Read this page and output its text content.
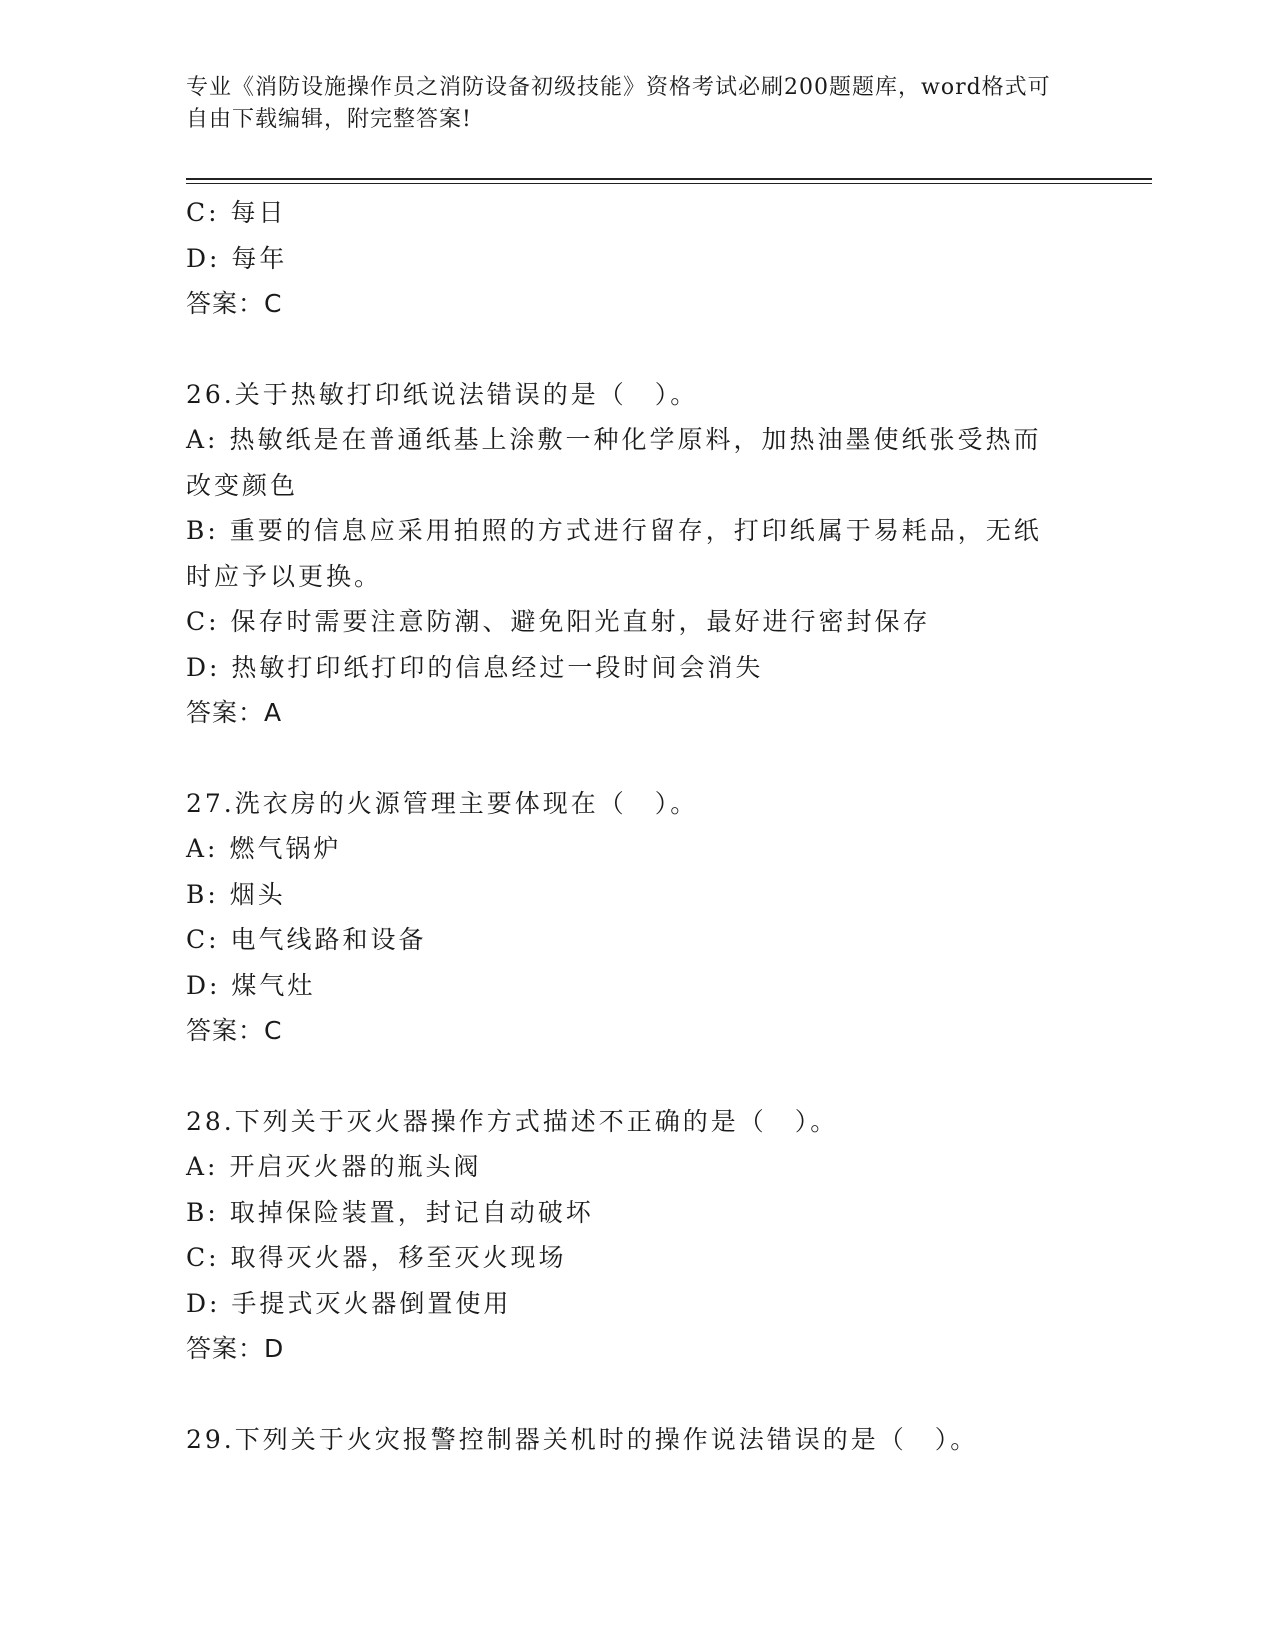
专业《消防设施操作员之消防设备初级技能》资格考试必刷200题题库，word格式可自由下载编辑，附完整答案!

C: 每日

D: 每年

答案：C

26.关于热敏打印纸说法错误的是（　）。

A: 热敏纸是在普通纸基上涂敷一种化学原料，加热油墨使纸张受热而

改变颜色

B: 重要的信息应采用拍照的方式进行留存，打印纸属于易耗品，无纸

时应予以更换。

C: 保存时需要注意防潮、避免阳光直射，最好进行密封保存

D: 热敏打印纸打印的信息经过一段时间会消失

答案：A

27.洗衣房的火源管理主要体现在（　）。

A: 燃气锅炉

B: 烟头

C: 电气线路和设备

D: 煤气灶

答案：C

28.下列关于灭火器操作方式描述不正确的是（　）。

A: 开启灭火器的瓶头阀

B: 取掉保险装置，封记自动破坏

C: 取得灭火器，移至灭火现场

D: 手提式灭火器倒置使用

答案：D

29.下列关于火灾报警控制器关机时的操作说法错误的是（　）。
